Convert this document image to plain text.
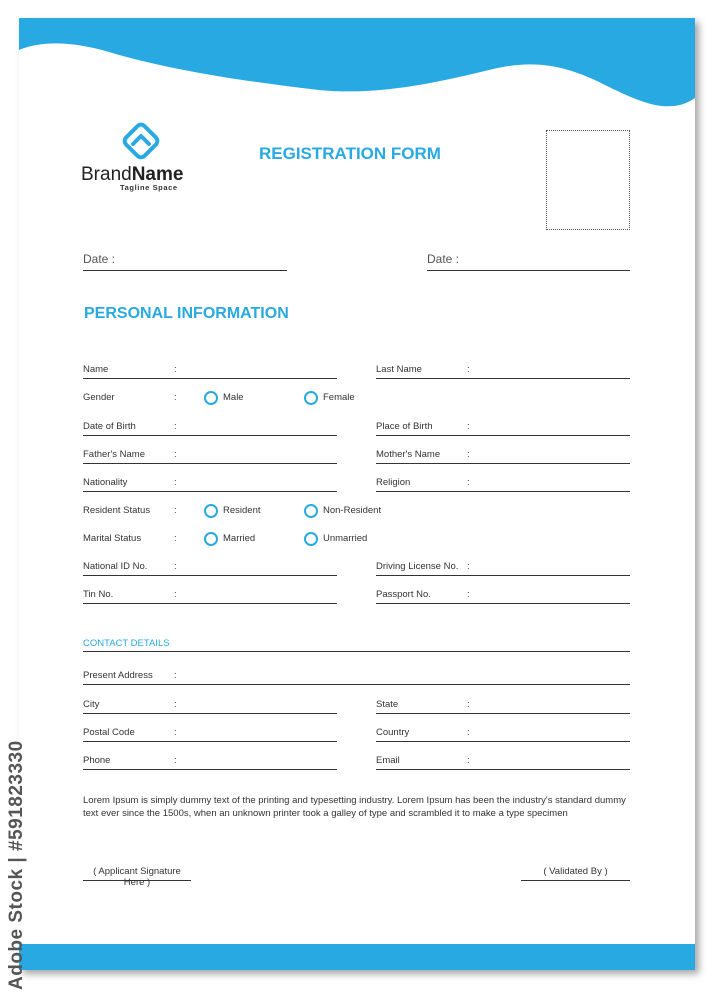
BrandName
Tagline Space
REGISTRATION FORM
Date :	Date :
PERSONAL INFORMATION
Name	:	Last Name	:
Gender	:	Male	Female
Date of Birth	:	Place of Birth	:
Father's Name	:	Mother's Name	:
Nationality	:	Religion	:
Resident Status	:	Resident	Non-Resident
Marital Status	:	Married	Unmarried
National ID No.	:	Driving License No. :
Tin No.	:	Passport No.	:
CONTACT DETAILS
Present Address :
City	:	State	:
Postal Code	:	Country	:
Phone	:	Email	:
Lorem Ipsum is simply dummy text of the printing and typesetting industry. Lorem Ipsum has been the industry's standard dummy text ever since the 1500s, when an unknown printer took a galley of type and scrambled it to make a type specimen
( Applicant Signature Here )
( Validated By )
Adobe Stock | #591823330
